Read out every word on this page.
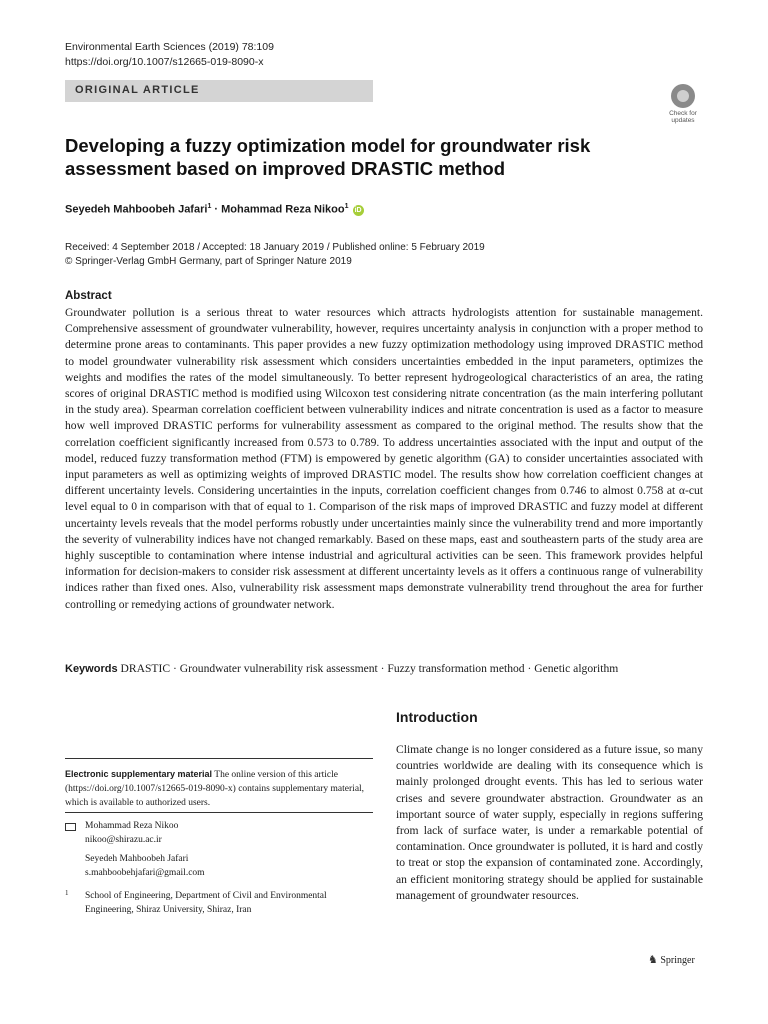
Environmental Earth Sciences (2019) 78:109
https://doi.org/10.1007/s12665-019-8090-x
ORIGINAL ARTICLE
Check for updates
Developing a fuzzy optimization model for groundwater risk assessment based on improved DRASTIC method
Seyedeh Mahboobeh Jafari$^1$ · Mohammad Reza Nikoo$^1$ iD
Received: 4 September 2018 / Accepted: 18 January 2019 / Published online: 5 February 2019
© Springer-Verlag GmbH Germany, part of Springer Nature 2019
Abstract

Groundwater pollution is a serious threat to water resources which attracts hydrologists attention for sustainable management. Comprehensive assessment of groundwater vulnerability, however, requires uncertainty analysis in conjunction with a proper method to determine prone areas to contaminants. This paper provides a new fuzzy optimization methodology using improved DRASTIC method to model groundwater vulnerability risk assessment which considers uncertainties embedded in the input parameters, optimizes the weights and modifies the rates of the model simultaneously. To better represent hydrogeological characteristics of an area, the rating scores of original DRASTIC method is modified using Wilcoxon test considering nitrate concentration (as the main interfering pollutant in the study area). Spearman correlation coefficient between vulnerability indices and nitrate concentration is used as a factor to measure how well improved DRASTIC performs for vulnerability assessment as compared to the original method. The results show that the correlation coefficient significantly increased from 0.573 to 0.789. To address uncertainties associated with the input and output of the model, reduced fuzzy transformation method (FTM) is empowered by genetic algorithm (GA) to consider uncertainties associated with input parameters as well as optimizing weights of improved DRASTIC model. The results show how correlation coefficient changes at different uncertainty levels. Considering uncertainties in the inputs, correlation coefficient changes from 0.746 to almost 0.758 at α-cut level equal to 0 in comparison with that of equal to 1. Comparison of the risk maps of improved DRASTIC and fuzzy model at different uncertainty levels reveals that the model performs robustly under uncertainties mainly since the vulnerability trend and more importantly the severity of vulnerability indices have not changed remarkably. Based on these maps, east and southeastern parts of the study area are highly susceptible to contamination where intense industrial and agricultural activities can be seen. This framework provides helpful information for decision-makers to consider risk assessment at different uncertainty levels as it offers a continuous range of vulnerability indices rather than fixed ones. Also, vulnerability risk assessment maps demonstrate vulnerability trend throughout the area for further controlling or remedying actions of groundwater network.

Keywords DRASTIC · Groundwater vulnerability risk assessment · Fuzzy transformation method · Genetic algorithm
Electronic supplementary material The online version of this article (https://doi.org/10.1007/s12665-019-8090-x) contains supplementary material, which is available to authorized users.
Mohammad Reza Nikoo
nikoo@shirazu.ac.ir
Seyedeh Mahboobeh Jafari
s.mahboobehjafari@gmail.com
1 School of Engineering, Department of Civil and Environmental Engineering, Shiraz University, Shiraz, Iran
Introduction

Climate change is no longer considered as a future issue, so many countries worldwide are dealing with its consequence which is mainly prolonged drought events. This has led to serious water crises and severe groundwater abstraction. Groundwater as an important source of water supply, especially in regions suffering from lack of surface water, is under a remarkable potential of contamination. Once groundwater is polluted, it is hard and costly to treat or stop the expansion of contaminated zone. Accordingly, an efficient monitoring strategy should be applied for sustainable management of groundwater resources.

♞ Springer
